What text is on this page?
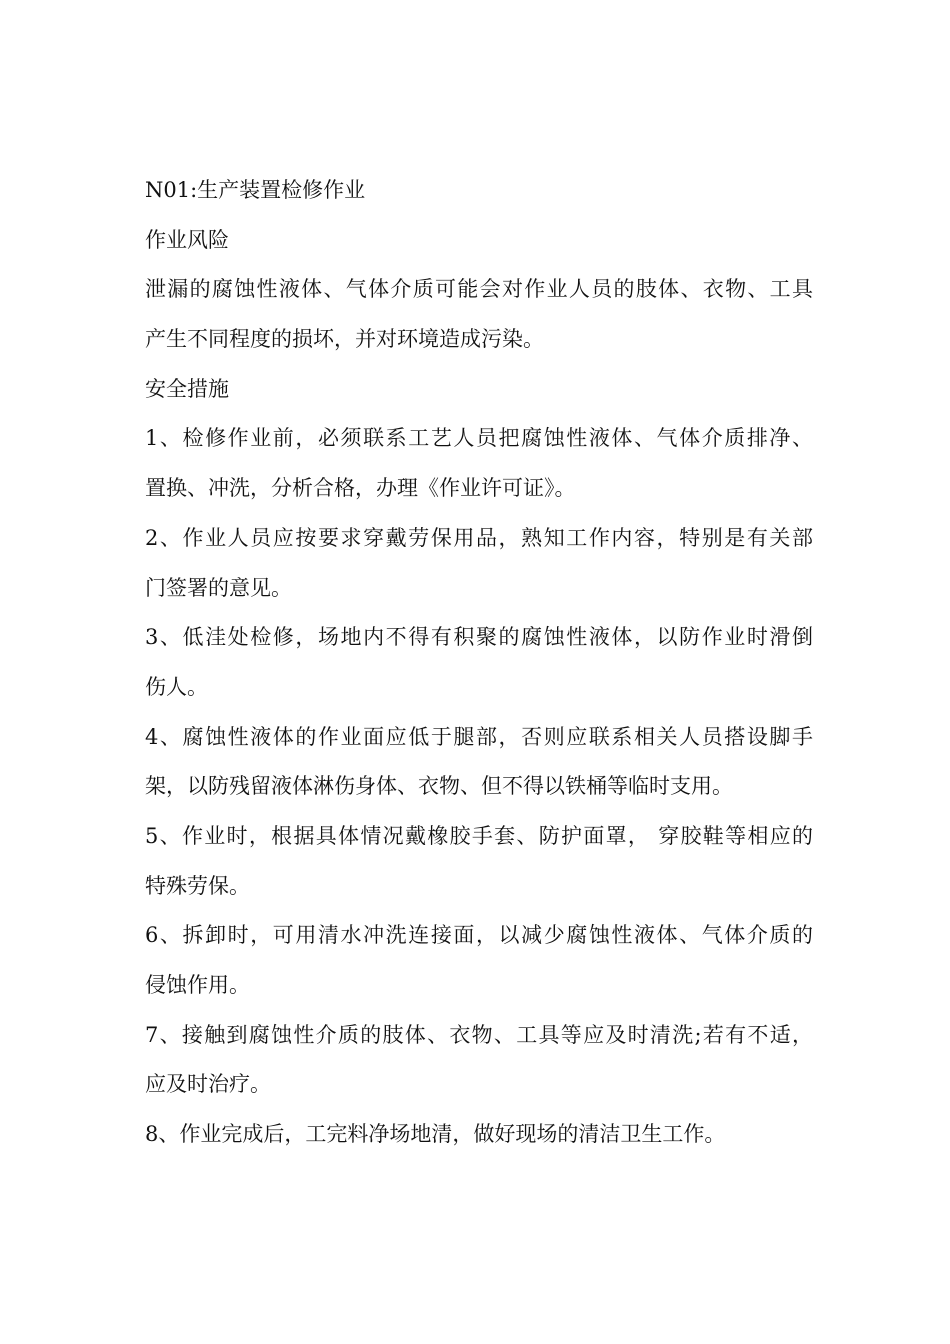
N01:生产装置检修作业
作业风险
泄漏的腐蚀性液体、气体介质可能会对作业人员的肢体、衣物、工具
产生不同程度的损坏，并对环境造成污染。
安全措施
1、检修作业前，必须联系工艺人员把腐蚀性液体、气体介质排净、
置换、冲洗，分析合格，办理《作业许可证》。
2、作业人员应按要求穿戴劳保用品，熟知工作内容，特别是有关部
门签署的意见。
3、低洼处检修，场地内不得有积聚的腐蚀性液体，以防作业时滑倒
伤人。
4、腐蚀性液体的作业面应低于腿部，否则应联系相关人员搭设脚手
架，以防残留液体淋伤身体、衣物、但不得以铁桶等临时支用。
5、作业时，根据具体情况戴橡胶手套、防护面罩， 穿胶鞋等相应的
特殊劳保。
6、拆卸时，可用清水冲洗连接面，以减少腐蚀性液体、气体介质的
侵蚀作用。
7、接触到腐蚀性介质的肢体、衣物、工具等应及时清洗;若有不适，
应及时治疗。
8、作业完成后，工完料净场地清，做好现场的清洁卫生工作。
